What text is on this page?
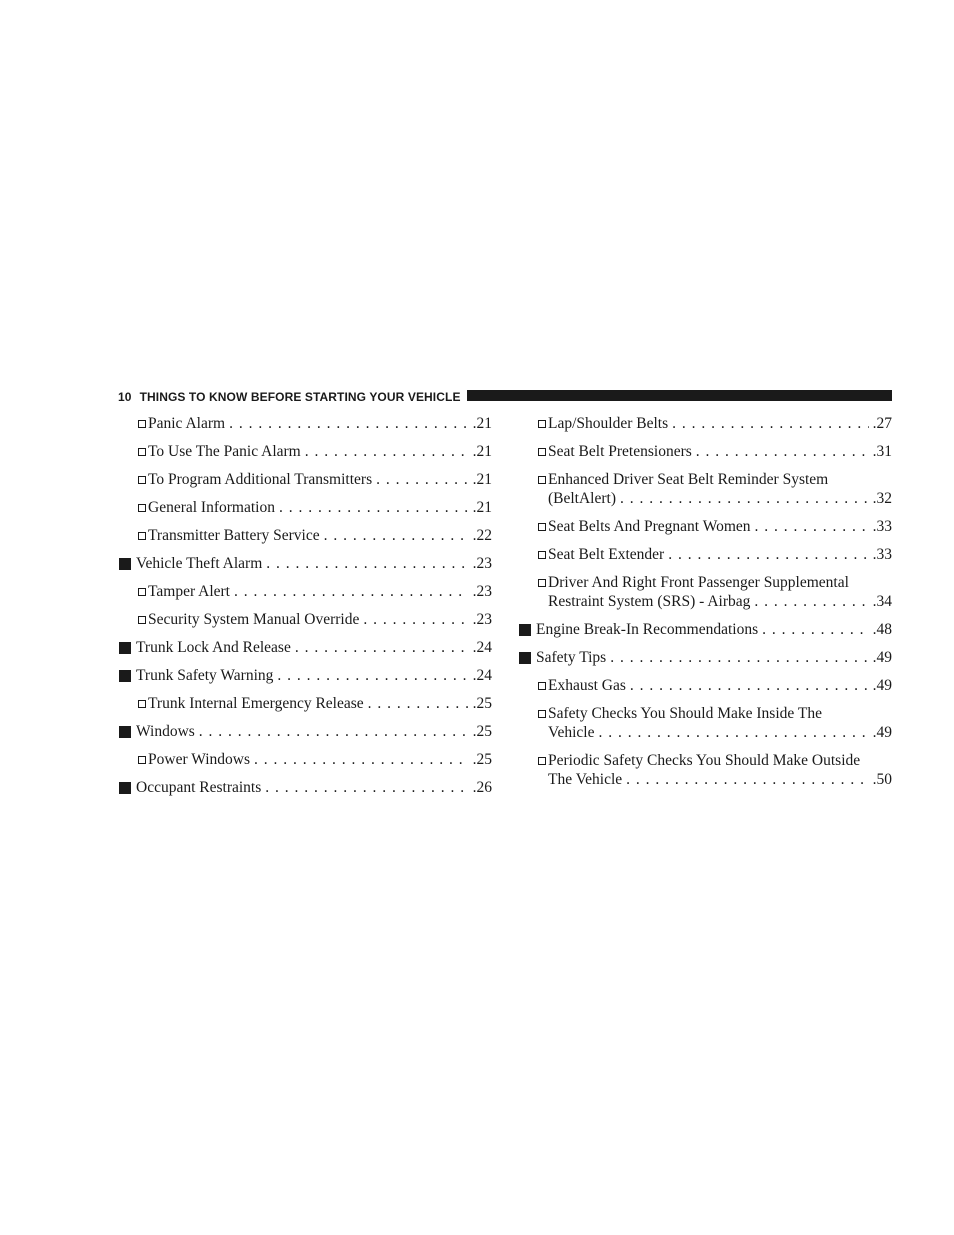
10 THINGS TO KNOW BEFORE STARTING YOUR VEHICLE
Panic Alarm . . .	.21
To Use The Panic Alarm . . .	.21
To Program Additional Transmitters . . .	.21
General Information . . .	.21
Transmitter Battery Service . . .	.22
Vehicle Theft Alarm . . .	.23
Tamper Alert . . .	.23
Security System Manual Override . . .	.23
Trunk Lock And Release . . .	.24
Trunk Safety Warning . . .	.24
Trunk Internal Emergency Release . . .	.25
Windows . . .	.25
Power Windows . . .	.25
Occupant Restraints . . .	.26
Lap/Shoulder Belts . . .	.27
Seat Belt Pretensioners . . .	.31
Enhanced Driver Seat Belt Reminder System
(BeltAlert) . . .	.32
Seat Belts And Pregnant Women . . .	.33
Seat Belt Extender . . .	.33
Driver And Right Front Passenger Supplemental
Restraint System (SRS) - Airbag . . .	.34
Engine Break-In Recommendations . . .	.48
Safety Tips . . .	.49
Exhaust Gas . . .	.49
Safety Checks You Should Make Inside The
Vehicle . . .	.49
Periodic Safety Checks You Should Make Outside
The Vehicle . . .	.50
